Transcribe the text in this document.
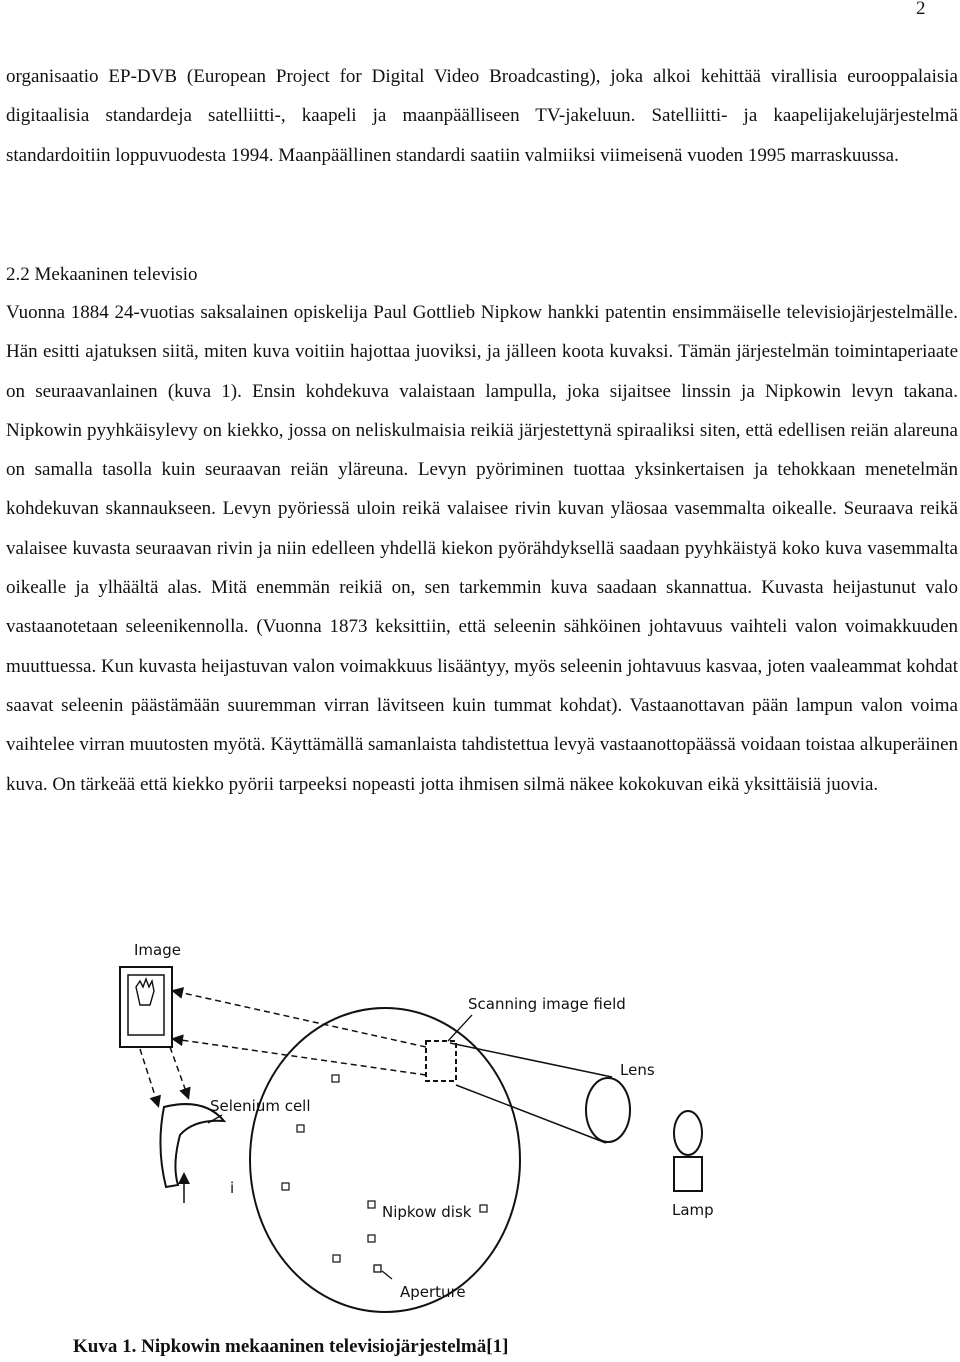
2

organisaatio EP-DVB (European Project for Digital Video Broadcasting), joka alkoi kehittää virallisia eurooppalaisia digitaalisia standardeja satelliitti-, kaapeli ja maanpäälliseen TV-jakeluun. Satelliitti- ja kaapelijakelujärjestelmä standardoitiin loppuvuodesta 1994. Maanpäällinen standardi saatiin valmiiksi viimeisenä vuoden 1995 marraskuussa.

2.2 Mekaaninen televisio

Vuonna 1884 24-vuotias saksalainen opiskelija Paul Gottlieb Nipkow hankki patentin ensimmäiselle televisiojärjestelmälle. Hän esitti ajatuksen siitä, miten kuva voitiin hajottaa juoviksi, ja jälleen koota kuvaksi. Tämän järjestelmän toimintaperiaate on seuraavanlainen (kuva 1). Ensin kohdekuva valaistaan lampulla, joka sijaitsee linssin ja Nipkowin levyn takana. Nipkowin pyyhkäisylevy on kiekko, jossa on neliskulmaisia reikiä järjestettynä spiraaliksi siten, että edellisen reiän alareuna on samalla tasolla kuin seuraavan reiän yläreuna. Levyn pyöriminen tuottaa yksinkertaisen ja tehokkaan menetelmän kohdekuvan skannaukseen. Levyn pyöriessä uloin reikä valaisee rivin kuvan yläosaa vasemmalta oikealle. Seuraava reikä valaisee kuvasta seuraavan rivin ja niin edelleen yhdellä kiekon pyörähdyksellä saadaan pyyhkäistyä koko kuva vasemmalta oikealle ja ylhäältä alas. Mitä enemmän reikiä on, sen tarkemmin kuva saadaan skannattua. Kuvasta heijastunut valo vastaanotetaan seleenikennolla. (Vuonna 1873 keksittiin, että seleenin sähköinen johtavuus vaihteli valon voimakkuuden muuttuessa. Kun kuvasta heijastuvan valon voimakkuus lisääntyy, myös seleenin johtavuus kasvaa, joten vaaleammat kohdat saavat seleenin päästämään suuremman virran lävitseen kuin tummat kohdat). Vastaanottavan pään lampun valon voima vaihtelee virran muutosten myötä. Käyttämällä samanlaista tahdistettua levyä vastaanottopäässä voidaan toistaa alkuperäinen kuva. On tärkeää että kiekko pyörii tarpeeksi nopeasti jotta ihmisen silmä näkee kokokuvan eikä yksittäisiä juovia.

Image
Scanning image field
Nipkow disk
Lens
Lamp
Selenium cell
i
Aperture
Kuva 1. Nipkowin mekaaninen televisiojärjestelmä[1]
